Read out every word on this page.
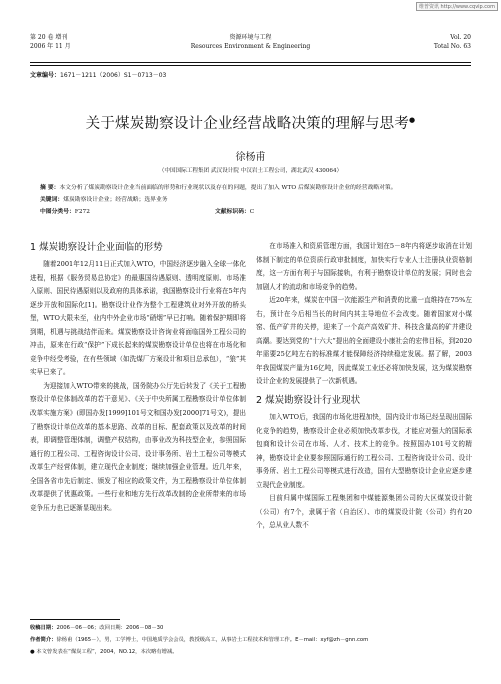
维普资讯 http://www.cqvip.com
第 20 卷 增刊
2006 年 11 月
资源环境与工程
Resources Environment & Engineering
Vol. 20
Total No. 63
文章编号：1671－1211（2006）S1－0713－03
关于煤炭勘察设计企业经营战略决策的理解与思考●
徐杨甫
（中国国际工程集团 武汉设计院 中汉岩土工程公司，湖北武汉 430064）
摘 要：本文分析了煤炭勘察设计企业当前面临的形势和行业现状以及存在的问题，提出了加入 WTO 后煤炭勘察设计企业的经营战略对策。
关键词：煤炭勘察设计企业；经营战略；选界业务
中图分类号：F272	文献标识码：C
1 煤炭勘察设计企业面临的形势

随着2001年12月11日正式加入WTO，中国经济逐步融入全球一体化进程，根据《服务贸易总协定》的最惠国待遇原则、透明度原则、市场准入原则、国民待遇原则以及政府的具体承诺，我国勘察设计行业将在5年内逐步开放和国际化[1]。勘察设计业作为整个工程建筑业对外开放的桥头堡，WTO大限未至，业内中外企业市场“硝烟”早已打响。随着保护期即将到期，机遇与挑战结伴而来。煤炭勘察设计咨询业将面临国外工程公司的冲击，原来在行政“保护”下成长起来的煤炭勘察设计单位也将在市场化和竞争中经受考验，在有些领域（如洗煤厂方案设计和项目总承包），“狼”其实早已来了。

为迎接加入WTO带来的挑战，国务院办公厅先后转发了《关于工程勘察设计单位体制改革的若干意见》、《关于中央所属工程勘察设计单位体制改革实施方案》(即国办发[1999]101号文和国办发[2000]71号文)，提出了勘察设计单位改革的基本思路、改革的目标、配套政策以及改革的时间表，即调整管理体制，调整产权结构，由事业改为科技型企业，参照国际通行的工程公司、工程咨询设计公司、设计事务所、岩土工程公司等模式改革生产经营体制，建立现代企业制度；继续加强企业管理。近几年来，全国各省市先后制定、颁发了相应的政策文件，为工程勘察设计单位体制改革提供了优惠政策。一些行业和地方先行改革改制的企业所带来的市场竞争压力也已逐渐显现出来。

在市场准入和资质管理方面，我国计划在5－8年内将逐步取消在计划体制下制定的单位资质行政审批制度，加快实行专业人士注册执业资格制度，这一方面有利于与国际接轨，有利于勘察设计单位的发展；同时也会加剧人才的流动和市场竞争的趋势。

近20年来，煤炭在中国一次能源生产和消费的比重一直维持在75%左右，预计在今后相当长的时间内其主导地位不会改变。随着国家对小煤窑、低产矿井的关停，迎来了一个高产高效矿井、科技含量高的矿井建设高潮。要达到党的“十六大”提出的全面建设小康社会的宏伟目标，到2020年需要25亿吨左右的标准煤才能保障经济持续稳定发展。据了解，2003年我国煤炭产量为16亿吨，因此煤炭工业还必将加快发展，这为煤炭勘察设计企业的发展提供了一次新机遇。

2 煤炭勘察设计行业现状

加入WTO后，我国的市场化进程加快，国内设计市场已经呈现出国际化竞争的趋势，勘察设计企业必须加快改革步伐，才能应对强大的国际承包商和设计公司在市场、人才、技术上的竞争。按照国办101号文的精神，勘察设计企业要参照国际通行的工程公司、工程咨询设计公司、设计事务所、岩土工程公司等模式进行改造，国有大型勘察设计企业应逐步建立现代企业制度。

目前归属中煤国际工程集团和中煤能源集团公司的大区煤炭设计院（公司）有7个，隶属于省（自治区）、市的煤炭设计院（公司）约有20个，总从业人数不

收稿日期：2006－06－06；改回日期：2006－08－30
作者简介：徐杨甫（1965－），男，工学博士，中国地质学会会员，教授级高工，从事岩土工程技术和管理工作。E－mail：xyf@zh－gnn.com
● 本文曾发表在“煤炭工程”，2004，NO.12，本次略有增减。
